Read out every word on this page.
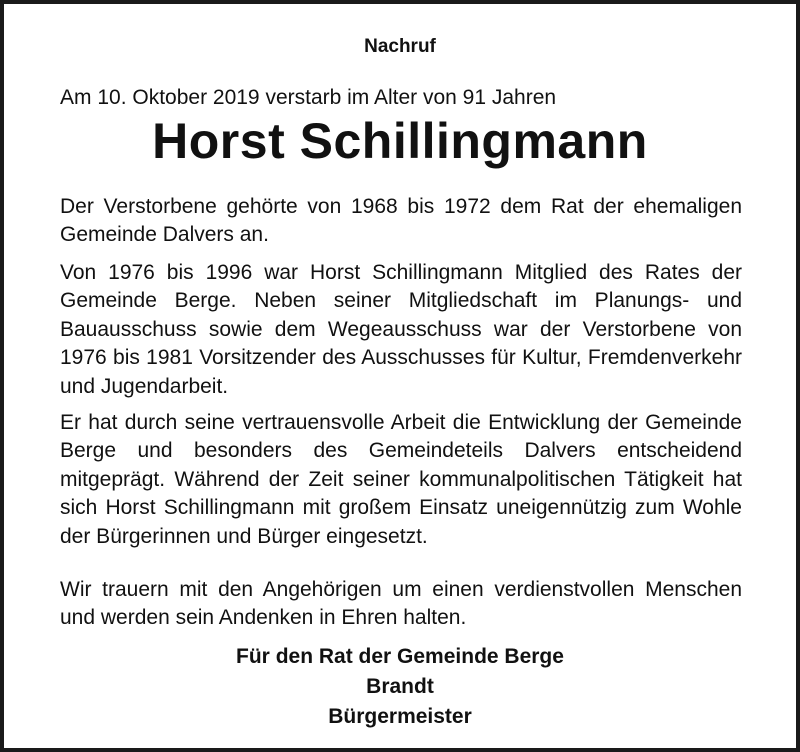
Nachruf
Am 10. Oktober 2019 verstarb im Alter von 91 Jahren
Horst Schillingmann

Der Verstorbene gehörte von 1968 bis 1972 dem Rat der ehemaligen Gemeinde Dalvers an.

Von 1976 bis 1996 war Horst Schillingmann Mitglied des Rates der Gemeinde Berge. Neben seiner Mitgliedschaft im Planungs- und Bauausschuss sowie dem Wegeausschuss war der Verstorbene von 1976 bis 1981 Vorsitzender des Ausschusses für Kultur, Fremdenverkehr und Jugendarbeit.

Er hat durch seine vertrauensvolle Arbeit die Entwicklung der Gemeinde Berge und besonders des Gemeindeteils Dalvers entscheidend mitgeprägt. Während der Zeit seiner kommunalpolitischen Tätigkeit hat sich Horst Schillingmann mit großem Einsatz uneigennützig zum Wohle der Bürgerinnen und Bürger eingesetzt.

Wir trauern mit den Angehörigen um einen verdienstvollen Menschen und werden sein Andenken in Ehren halten.

Für den Rat der Gemeinde Berge
Brandt
Bürgermeister
